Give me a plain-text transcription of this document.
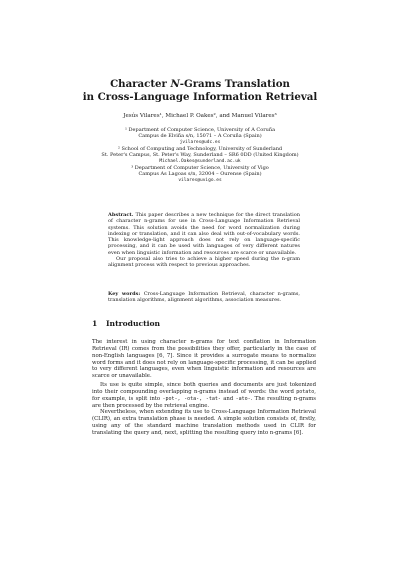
Character N-Grams Translation
in Cross-Language Information Retrieval
Jesús Vilares¹, Michael P. Oakes², and Manuel Vilares³
¹ Department of Computer Science, University of A Coruña
Campus de Elviña s/n, 15071 – A Coruña (Spain)
jvilares@udc.es
² School of Computing and Technology, University of Sunderland
St. Peter's Campus, St. Peter's Way, Sunderland – SR6 0DD (United Kingdom)
Michael.Oakes@sunderland.ac.uk
³ Department of Computer Science, University of Vigo
Campus As Lagoas s/n, 32004 – Ourense (Spain)
vilares@uvigo.es

Abstract. This paper describes a new technique for the direct translation of character n-grams for use in Cross-Language Information Retrieval systems. This solution avoids the need for word normalization during indexing or translation, and it can also deal with out-of-vocabulary words. This knowledge-light approach does not rely on language-specific processing, and it can be used with languages of very different natures even when linguistic information and resources are scarce or unavailable.

Our proposal also tries to achieve a higher speed during the n-gram alignment process with respect to previous approaches.

Key words: Cross-Language Information Retrieval, character n-grams, translation algorithms, alignment algorithms, association measures.
1 Introduction

The interest in using character n-grams for text conflation in Information Retrieval (IR) comes from the possibilities they offer, particularly in the case of non-English languages [6, 7]. Since it provides a surrogate means to normalize word forms and it does not rely on language-specific processing, it can be applied to very different languages, even when linguistic information and resources are scarce or unavailable.

Its use is quite simple, since both queries and documents are just tokenized into their compounding overlapping n-grams instead of words: the word potato, for example, is split into -pot-, -ota-, -tat- and -ato-. The resulting n-grams are then processed by the retrieval engine.

Nevertheless, when extending its use to Cross-Language Information Retrieval (CLIR), an extra translation phase is needed. A simple solution consists of, firstly, using any of the standard machine translation methods used in CLIR for translating the query and, next, splitting the resulting query into n-grams [6].
